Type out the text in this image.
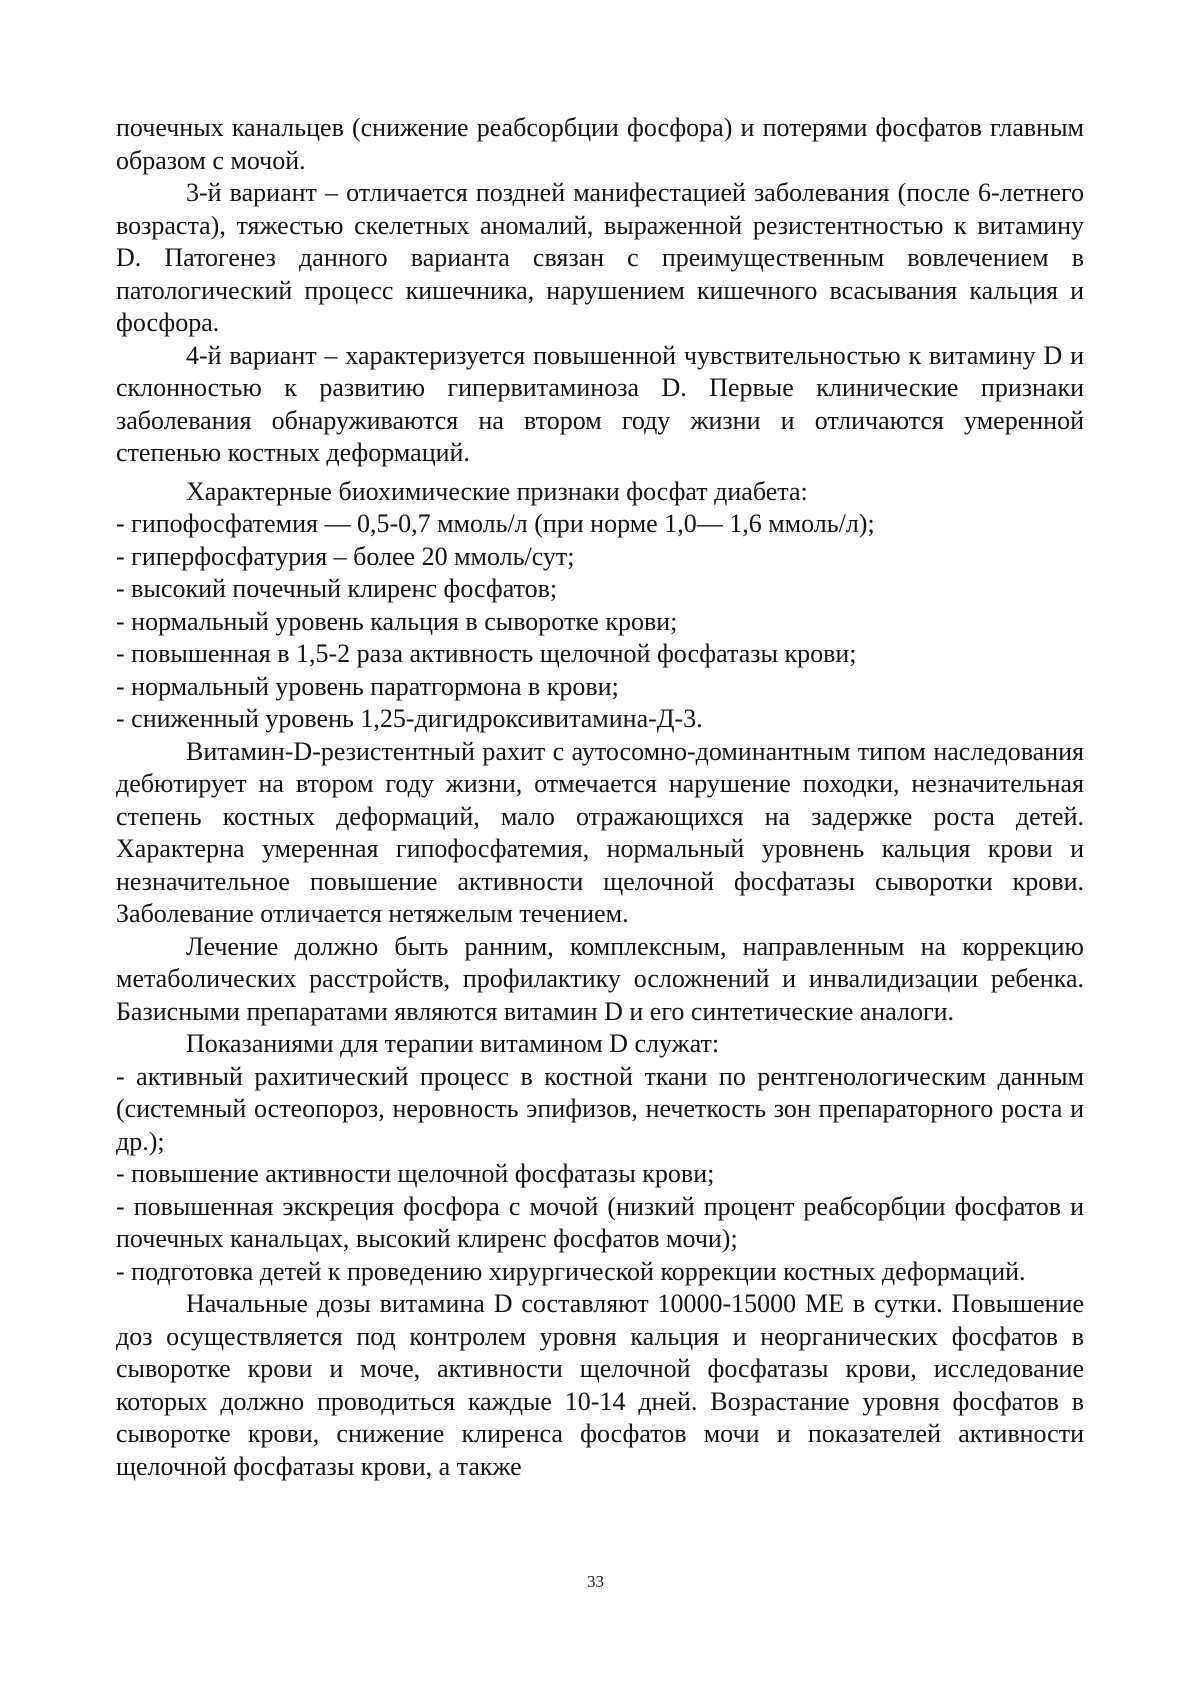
почечных канальцев (снижение реабсорбции фосфора) и потерями фосфатов главным образом с мочой.

3-й вариант – отличается поздней манифестацией заболевания (после 6-летнего возраста), тяжестью скелетных аномалий, выраженной резистентностью к витамину D. Патогенез данного варианта связан с преимущественным вовлечением в патологический процесс кишечника, нарушением кишечного всасывания кальция и фосфора.

4-й вариант – характеризуется повышенной чувствительностью к витамину D и склонностью к развитию гипервитаминоза D. Первые клинические признаки заболевания обнаруживаются на втором году жизни и отличаются умеренной степенью костных деформаций.

Характерные биохимические признаки фосфат диабета:

- гипофосфатемия — 0,5-0,7 ммоль/л (при норме 1,0— 1,6 ммоль/л);

- гиперфосфатурия – более 20 ммоль/сут;

- высокий почечный клиренс фосфатов;

- нормальный уровень кальция в сыворотке крови;

- повышенная в 1,5-2 раза активность щелочной фосфатазы крови;

- нормальный уровень паратгормона в крови;

- сниженный уровень 1,25-дигидроксивитамина-Д-3.

Витамин-D-резистентный рахит с аутосомно-доминантным типом наследования дебютирует на втором году жизни, отмечается нарушение походки, незначительная степень костных деформаций, мало отражающихся на задержке роста детей. Характерна умеренная гипофосфатемия, нормальный уровнень кальция крови и незначительное повышение активности щелочной фосфатазы сыворотки крови. Заболевание отличается нетяжелым течением.

Лечение должно быть ранним, комплексным, направленным на коррекцию метаболических расстройств, профилактику осложнений и инвалидизации ребенка. Базисными препаратами являются витамин D и его синтетические аналоги.

Показаниями для терапии витамином D служат:

- активный рахитический процесс в костной ткани по рентгенологическим данным (системный остеопороз, неровность эпифизов, нечеткость зон препараторного роста и др.);

- повышение активности щелочной фосфатазы крови;

- повышенная экскреция фосфора с мочой (низкий процент реабсорбции фосфатов и почечных канальцах, высокий клиренс фосфатов мочи);

- подготовка детей к проведению хирургической коррекции костных деформаций.

Начальные дозы витамина D составляют 10000-15000 МЕ в сутки. Повышение доз осуществляется под контролем уровня кальция и неорганических фосфатов в сыворотке крови и моче, активности щелочной фосфатазы крови, исследование которых должно проводиться каждые 10-14 дней. Возрастание уровня фосфатов в сыворотке крови, снижение клиренса фосфатов мочи и показателей активности щелочной фосфатазы крови, а также

33
